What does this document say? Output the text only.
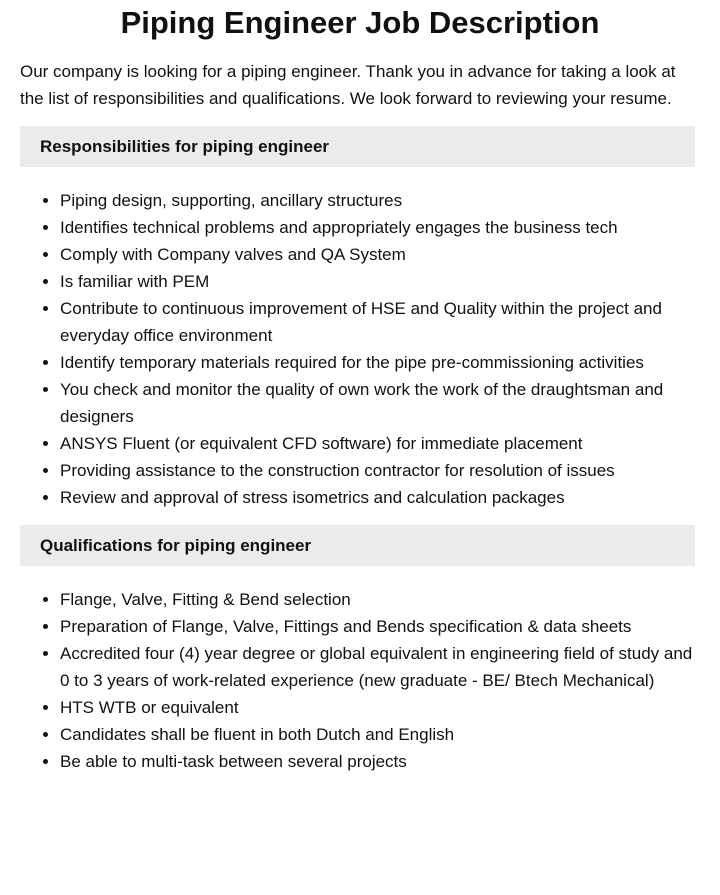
Piping Engineer Job Description

Our company is looking for a piping engineer. Thank you in advance for taking a look at the list of responsibilities and qualifications. We look forward to reviewing your resume.

Responsibilities for piping engineer
• Piping design, supporting, ancillary structures
• Identifies technical problems and appropriately engages the business tech
• Comply with Company valves and QA System
• Is familiar with PEM
• Contribute to continuous improvement of HSE and Quality within the project and everyday office environment
• Identify temporary materials required for the pipe pre-commissioning activities
• You check and monitor the quality of own work the work of the draughtsman and designers
• ANSYS Fluent (or equivalent CFD software) for immediate placement
• Providing assistance to the construction contractor for resolution of issues
• Review and approval of stress isometrics and calculation packages
Qualifications for piping engineer
• Flange, Valve, Fitting & Bend selection
• Preparation of Flange, Valve, Fittings and Bends specification & data sheets
• Accredited four (4) year degree or global equivalent in engineering field of study and 0 to 3 years of work-related experience (new graduate - BE/ Btech Mechanical)
• HTS WTB or equivalent
• Candidates shall be fluent in both Dutch and English
• Be able to multi-task between several projects
